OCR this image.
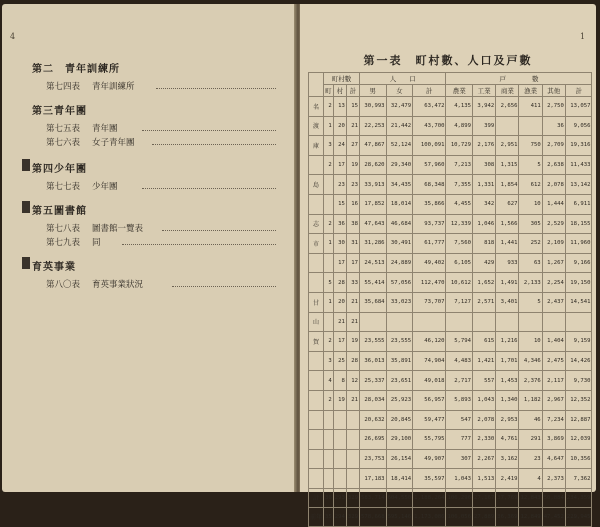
4
第二　青年訓練所
第七四表 青年訓練所
第三青年團
第七五表 青年團
第七六表 女子青年團
第四少年團
第七七表 少年團
第五圖書館
第七八表 圖書館一覽表
第七九表 同
育英事業
第八〇表 育英事業狀況
1
第一表　町村數、人口及戸數
	町村數			人　　口			戸　　　　數					
	町	村	計	男	女	計	農業	工業	商業	漁業	其他	計
名	2	13	15	30,993	32,479	63,472	4,135	3,942	2,656	411	2,750	13,057
渡	1	20	21	22,253	21,442	43,700	4,899	399			36	9,056
庫	3	24	27	47,867	52,124	100,091	10,729	2,176	2,951	750	2,709	19,316
	2	17	19	28,620	29,340	57,960	7,213	308	1,315	5	2,638	11,433
島		23	23	33,913	34,435	68,348	7,355	1,331	1,854	612	2,078	13,142
		15	16	17,852	18,014	35,866	4,455	342	627	10	1,444	6,911
志	2	36	38	47,643	46,684	93,737	12,339	1,046	1,566	305	2,529	18,155
市	1	30	31	31,286	30,491	61,777	7,560	818	1,441	252	2,109	11,960
		17	17	24,513	24,889	49,402	6,105	429	933	63	1,267	9,166
	5	28	33	55,414	57,056	112,470	10,612	1,652	1,491	2,133	2,254	19,150
甘	1	20	21	35,684	33,023	73,707	7,127	2,571	3,401	5	2,437	14,541
山		21	21									
賀	2	17	19	23,555	23,555	46,120	5,794	615	1,216	10	1,404	9,159
	3	25	28	36,013	35,891	74,904	4,483	1,421	1,701	4,346	2,475	14,426
	4	8	12	25,337	23,651	49,018	2,717	557	1,453	2,376	2,117	9,730
	2	19	21	28,034	25,923	56,957	5,893	1,043	1,340	1,182	2,967	12,352
				20,632	20,845	59,477	547	2,078	2,953	46	7,234	12,887
				26,695	29,100	55,795	777	2,330	4,761	291	3,869	12,039
				23,753	26,154	49,907	307	2,267	3,162	23	4,647	10,356
				17,183	18,414	35,597	1,043	1,513	2,419	4	2,373	7,362
計	36	293	329	583,714	604,550	1,188,264	106,296	27,167	37,769	12,843	50,884	234,359
前年	35	294	329	578,668	595,146	1,173,086	106,056	27,889	36,369	12,849	47,452	229,945
